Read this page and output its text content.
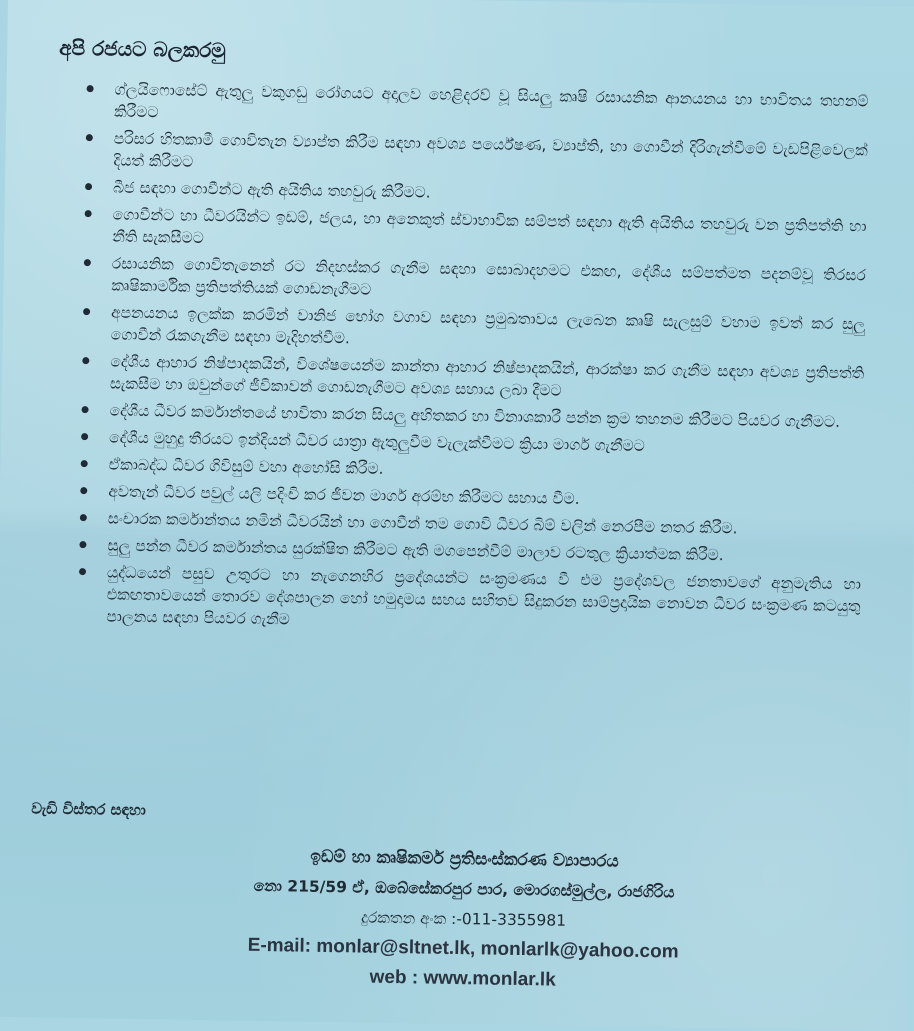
අපි රජයට බලකරමු
ග්ලයිෆොසේට් ඇතුලු වකුගඩු රෝගයට අදාලව හෙළිදරව් වූ සියලු කෘෂි රසායනික ආනයනය හා භාවිතය තහනම් කිරීමට
පරිසර හිතකාමී ගොවිතැන ව්‍යාප්ත කිරීම සඳහා අවශ්‍ය පර්යේෂණ, ව්‍යාප්ති, හා ගොවීන් දිරිගැන්වීමේ වැඩපිළිවෙලක් දියත් කිරීමට
බීජ සඳහා ගොවීන්ට ඇති අයිතිය තහවුරු කිරීමට.
ගොවීන්ට හා ධීවරයින්ට ඉඩම්, ජලය, හා අනෙකුත් ස්වාභාවික සම්පත් සඳහා ඇති අයිතිය තහවුරු වන ප්‍රතිපත්ති හා නීති සැකසීමට
රසායනික ගොවිතැනෙන් රට නිදහස්කර ගැනීම සඳහා සොබාදහමට එකඟ, දේශීය සම්පත්මත පදනම්වූ තිරසර කෘෂිකාර්මික ප්‍රතිපත්තියක් ගොඩනැගීමට
අපනයනය ඉලක්ක කරමින් වානිජ භෝග වගාව සඳහා ප්‍රමුඛතාවය ලැබෙන කෘෂි සැලසුම් වහාම ඉවත් කර සුලු ගොවීන් රැකගැනීම සඳහා මැදිහත්වීම.
දේශීය ආහාර නිෂ්පාදකයින්, විශේෂයෙන්ම කාන්තා ආහාර නිෂ්පාදකයින්, ආරක්ෂා කර ගැනීම සඳහා අවශ්‍ය ප්‍රතිපත්ති සැකසීම හා ඔවුන්ගේ ජීවිකාවන් ගොඩනැගීමට අවශ්‍ය සහාය ලබා දීමට
දේශීය ධීවර කර්මාන්තයේ භාවිතා කරන සියලු අහිතකර හා විනාශකාරී පන්න ක්‍රම තහනම කිරීමට පියවර ගැනීමට.
දේශීය මුහුදු තීරයට ඉන්දියන් ධීවර යාත්‍රා ඇතුලුවීම වැලැක්වීමට ක්‍රියා මාර්ග ගැනීමට
ඒකාබද්ධ ධීවර ගිවිසුම් වහා අහෝසි කිරීම.
අවතැන් ධීවර පවුල් යලි පදිංචි කර ජීවන මාර්ග අරම්භ කිරීමට සහාය වීම.
සංචාරක කර්මාන්තය නමින් ධීවරයින් හා ගොවීන් තම ගොවි ධීවර බිම් වලින් නෙරපීම නතර කිරීම.
සුලු පන්න ධීවර කර්මාන්තය සුරක්ෂිත කිරීමට ඇති මගපෙන්වීම් මාලාව රටතුල ක්‍රියාත්මක කිරීම.
යුද්ධයෙන් පසුව උතුරට හා නැගෙනහිර ප්‍රදේශයන්ට සංක්‍රමණය වී එම ප්‍රදේශවල ජනතාවගේ අනුමැතිය හා එකඟතාවයෙන් තොරව දේශපාලන හෝ හමුදාමය සහය සහිතව සිදුකරන සාම්ප්‍රදායික නොවන ධීවර සංක්‍රමණ කටයුතු පාලනය සඳහා පියවර ගැනීම
වැඩි විස්තර සඳහා
ඉඩම් හා කෘෂිකර්ම ප්‍රතිසංස්කරණ ව්‍යාපාරය
නො 215/59 ඒ, ඔබේසේකරපුර පාර, මොරගස්මුල්ල, රාජගිරිය
දුරකතන අංක :-011-3355981
E-mail: monlar@sltnet.lk, monlarlk@yahoo.com
web : www.monlar.lk
